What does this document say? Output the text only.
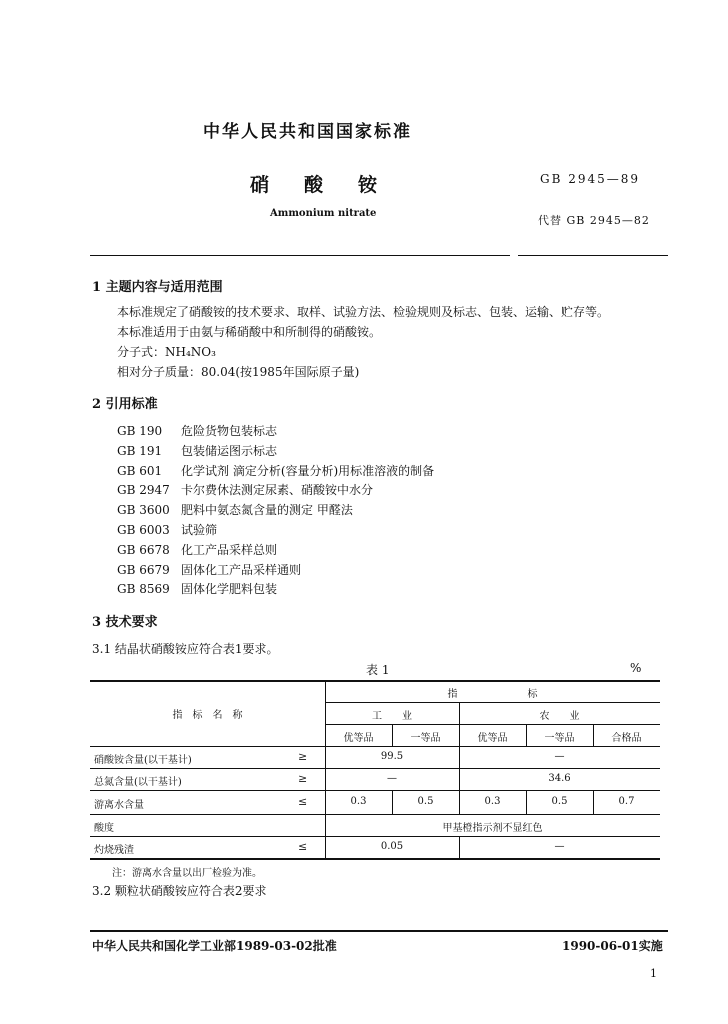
中华人民共和国国家标准
硝　酸　铵	GB 2945—89
Ammonium nitrate
代替 GB 2945—82
1 主题内容与适用范围
本标准规定了硝酸铵的技术要求、取样、试验方法、检验规则及标志、包装、运输、贮存等。
本标准适用于由氨与稀硝酸中和所制得的硝酸铵。
分子式：NH₄NO₃
相对分子质量：80.04(按1985年国际原子量)
2 引用标准
GB 190 危险货物包装标志
GB 191 包装储运图示标志
GB 601 化学试剂 滴定分析(容量分析)用标准溶液的制备
GB 2947 卡尔费休法测定尿素、硝酸铵中水分
GB 3600 肥料中氨态氮含量的测定 甲醛法
GB 6003 试验筛
GB 6678 化工产品采样总则
GB 6679 固体化工产品采样通则
GB 8569 固体化学肥料包装
3 技术要求
3.1 结晶状硝酸铵应符合表1要求。
表 1	%
指　标　名　称
指　　　　　　　标
工　　业	农　　业
优等品	一等品	优等品	一等品	合格品
硝酸铵含量(以干基计)	≥	99.5	—
总氮含量(以干基计)	≥	—	34.6
游离水含量	≤	0.3	0.5	0.3	0.5	0.7
酸度	甲基橙指示剂不显红色
灼烧残渣	≤	0.05	—
注：游离水含量以出厂检验为准。
3.2 颗粒状硝酸铵应符合表2要求
中华人民共和国化学工业部1989-03-02批准	1990-06-01实施
1
